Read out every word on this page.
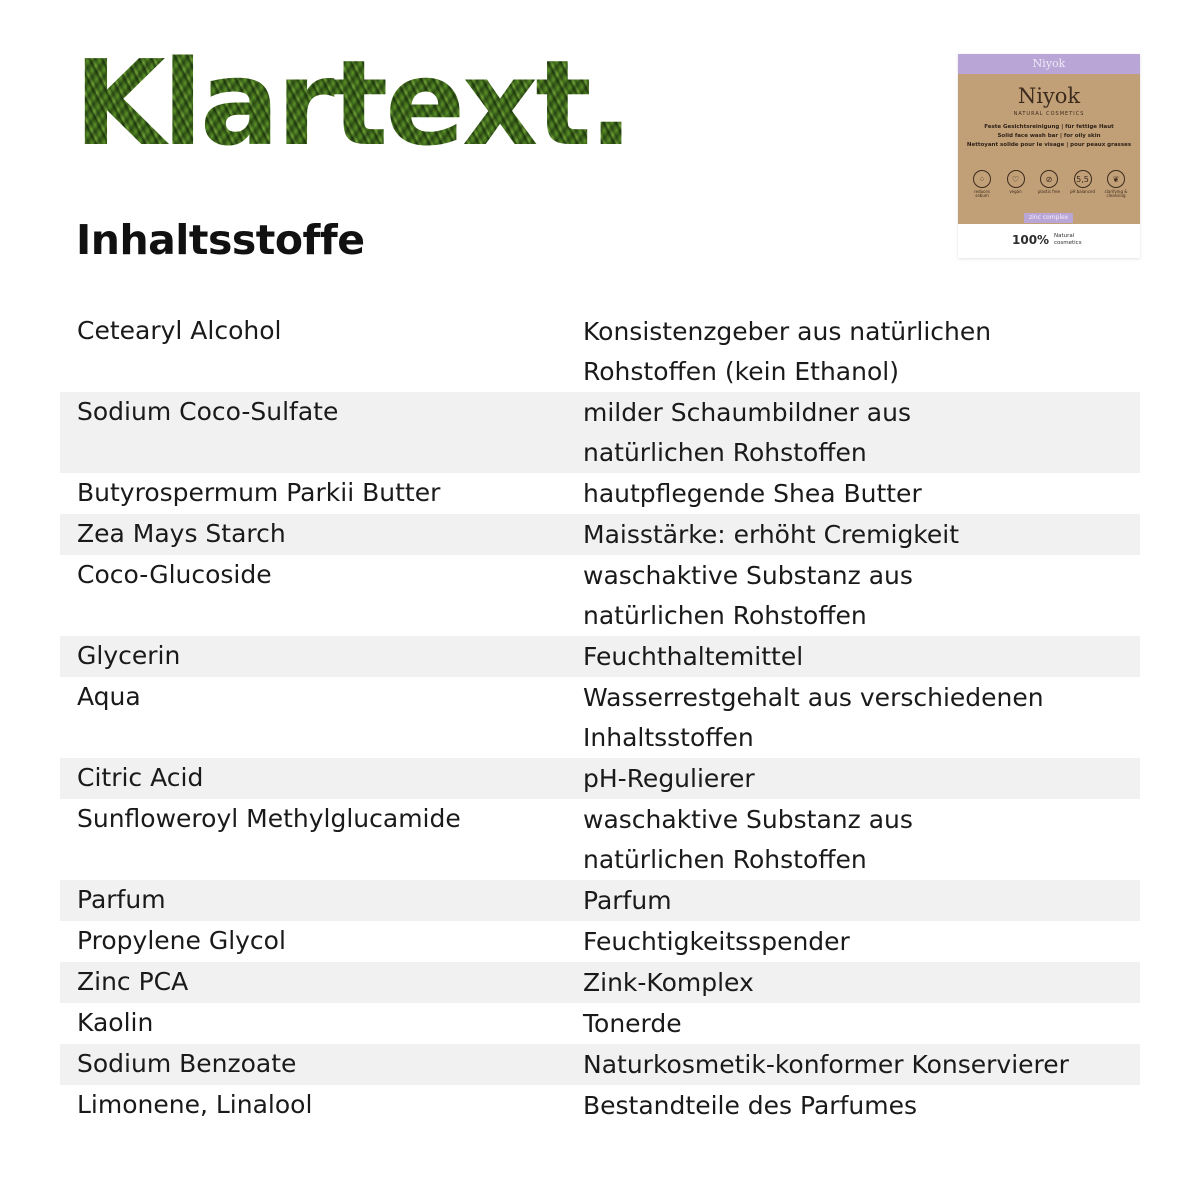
Klartext.	Niyok
Niyok
NATURAL COSMETICS
Feste Gesichtsreinigung | für fettige Haut
Solid face wash bar | for oily skin
Nettoyant solide pour le visage | pour peaux grasses
⁘
reduces sebum
♡
vegan
⊘
plastic free
5,5
pH balanced
❦
clarifying & cleansing
zinc complex
100% Natural
cosmetics
Inhaltsstoffe
Cetearyl Alcohol	Konsistenzgeber aus natürlichen
Rohstoffen (kein Ethanol)
Sodium Coco-Sulfate	milder Schaumbildner aus
natürlichen Rohstoffen
Butyrospermum Parkii Butter	hautpflegende Shea Butter
Zea Mays Starch	Maisstärke: erhöht Cremigkeit
Coco-Glucoside	waschaktive Substanz aus
natürlichen Rohstoffen
Glycerin	Feuchthaltemittel
Aqua	Wasserrestgehalt aus verschiedenen
Inhaltsstoffen
Citric Acid	pH-Regulierer
Sunfloweroyl Methylglucamide	waschaktive Substanz aus
natürlichen Rohstoffen
Parfum	Parfum
Propylene Glycol	Feuchtigkeitsspender
Zinc PCA	Zink-Komplex
Kaolin	Tonerde
Sodium Benzoate	Naturkosmetik-konformer Konservierer
Limonene, Linalool	Bestandteile des Parfumes
